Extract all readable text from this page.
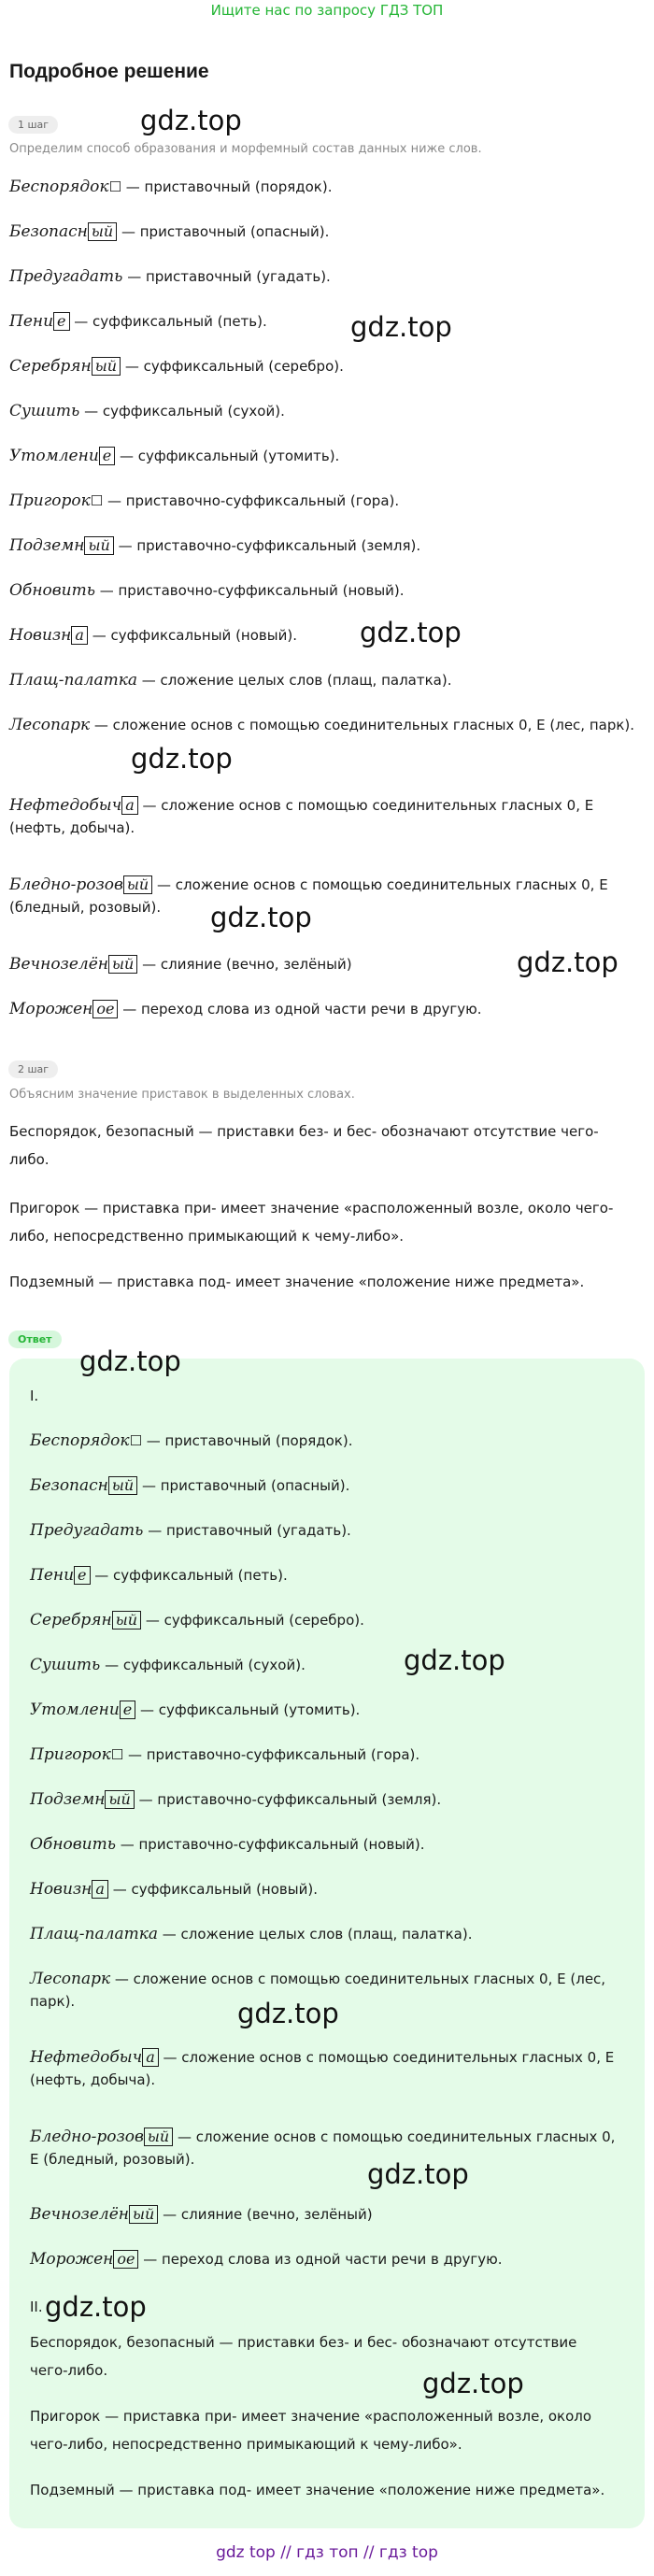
Ищите нас по запросу ГДЗ ТОП
Подробное решение
1 шаг
Определим способ образования и морфемный состав данных ниже слов.
Беспорядок☐ — приставочный (порядок).
Безопасн ый — приставочный (опасный).
Предугадать — приставочный (угадать).
Пени е — суффиксальный (петь).
Серебрян ый — суффиксальный (серебро).
Сушить — суффиксальный (сухой).
Утомлени е — суффиксальный (утомить).
Пригорок☐ — приставочно-суффиксальный (гора).
Подземн ый — приставочно-суффиксальный (земля).
Обновить — приставочно-суффиксальный (новый).
Новизн а — суффиксальный (новый).
Плащ-палатка — сложение целых слов (плащ, палатка).
Лесопарк — сложение основ с помощью соединительных гласных 0, Е (лес, парк).
Нефтедобыч а — сложение основ с помощью соединительных гласных 0, Е (нефть, добыча).
Бледно-розов ый — сложение основ с помощью соединительных гласных 0, Е (бледный, розовый).
Вечнозелён ый — слияние (вечно, зелёный)
Морожен ое — переход слова из одной части речи в другую.
2 шаг
Объясним значение приставок в выделенных словах.
Беспорядок, безопасный — приставки без- и бес- обозначают отсутствие чего-либо.
Пригорок — приставка при- имеет значение «расположенный возле, около чего-либо, непосредственно примыкающий к чему-либо».
Подземный — приставка под- имеет значение «положение ниже предмета».
Ответ
I.
Беспорядок☐ — приставочный (порядок).
Безопасн ый — приставочный (опасный).
Предугадать — приставочный (угадать).
Пени е — суффиксальный (петь).
Серебрян ый — суффиксальный (серебро).
Сушить — суффиксальный (сухой).
Утомлени е — суффиксальный (утомить).
Пригорок☐ — приставочно-суффиксальный (гора).
Подземн ый — приставочно-суффиксальный (земля).
Обновить — приставочно-суффиксальный (новый).
Новизн а — суффиксальный (новый).
Плащ-палатка — сложение целых слов (плащ, палатка).
Лесопарк — сложение основ с помощью соединительных гласных 0, Е (лес, парк).
Нефтедобыч а — сложение основ с помощью соединительных гласных 0, Е (нефть, добыча).
Бледно-розов ый — сложение основ с помощью соединительных гласных 0, Е (бледный, розовый).
Вечнозелён ый — слияние (вечно, зелёный)
Морожен ое — переход слова из одной части речи в другую.
II.
Беспорядок, безопасный — приставки без- и бес- обозначают отсутствие чего-либо.
Пригорок — приставка при- имеет значение «расположенный возле, около чего-либо, непосредственно примыкающий к чему-либо».
Подземный — приставка под- имеет значение «положение ниже предмета».
gdz.top
gdz.top
gdz.top
gdz.top
gdz.top
gdz.top
gdz.top
gdz.top
gdz.top
gdz.top
gdz.top
gdz.top
gdz top // гдз топ // гдз top
